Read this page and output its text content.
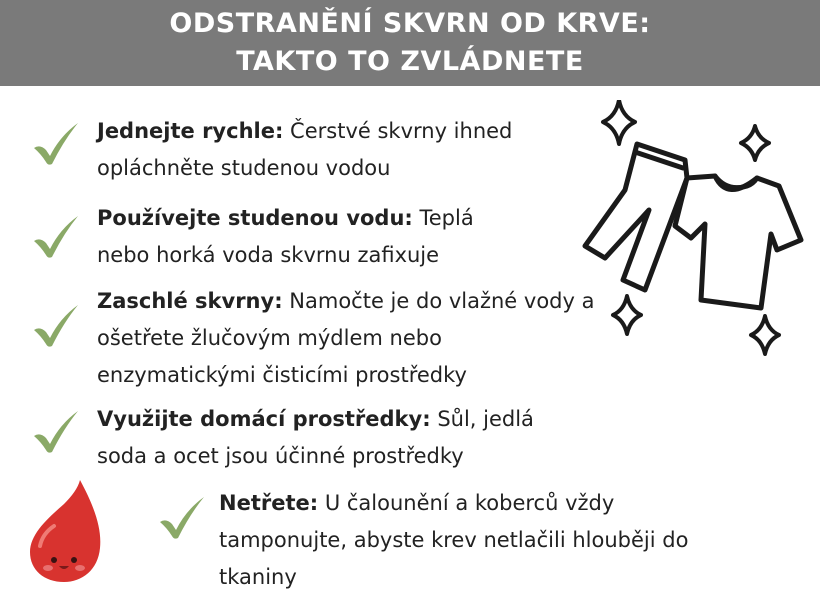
ODSTRANĚNÍ SKVRN OD KRVE:
TAKTO TO ZVLÁDNETE
Jednejte rychle: Čerstvé skvrny ihned
opláchněte studenou vodou
Používejte studenou vodu: Teplá
nebo horká voda skvrnu zafixuje
Zaschlé skvrny: Namočte je do vlažné vody a
ošetřete žlučovým mýdlem nebo
enzymatickými čisticími prostředky
Využijte domácí prostředky: Sůl, jedlá
soda a ocet jsou účinné prostředky
Netřete: U čalounění a koberců vždy
tamponujte, abyste krev netlačili hlouběji do
tkaniny
